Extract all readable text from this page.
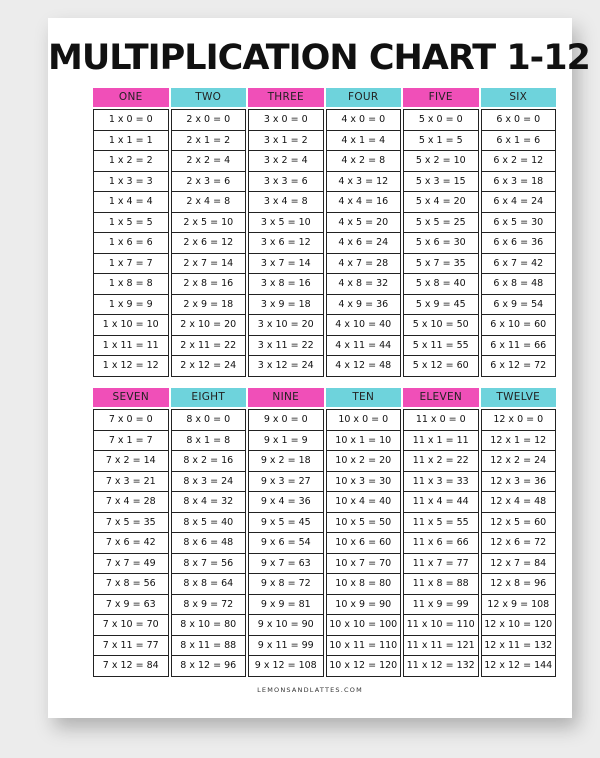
MULTIPLICATION CHART 1-12
ONE
1 x 0 = 0
1 x 1 = 1
1 x 2 = 2
1 x 3 = 3
1 x 4 = 4
1 x 5 = 5
1 x 6 = 6
1 x 7 = 7
1 x 8 = 8
1 x 9 = 9
1 x 10 = 10
1 x 11 = 11
1 x 12 = 12
TWO
2 x 0 = 0
2 x 1 = 2
2 x 2 = 4
2 x 3 = 6
2 x 4 = 8
2 x 5 = 10
2 x 6 = 12
2 x 7 = 14
2 x 8 = 16
2 x 9 = 18
2 x 10 = 20
2 x 11 = 22
2 x 12 = 24
THREE
3 x 0 = 0
3 x 1 = 2
3 x 2 = 4
3 x 3 = 6
3 x 4 = 8
3 x 5 = 10
3 x 6 = 12
3 x 7 = 14
3 x 8 = 16
3 x 9 = 18
3 x 10 = 20
3 x 11 = 22
3 x 12 = 24
FOUR
4 x 0 = 0
4 x 1 = 4
4 x 2 = 8
4 x 3 = 12
4 x 4 = 16
4 x 5 = 20
4 x 6 = 24
4 x 7 = 28
4 x 8 = 32
4 x 9 = 36
4 x 10 = 40
4 x 11 = 44
4 x 12 = 48
FIVE
5 x 0 = 0
5 x 1 = 5
5 x 2 = 10
5 x 3 = 15
5 x 4 = 20
5 x 5 = 25
5 x 6 = 30
5 x 7 = 35
5 x 8 = 40
5 x 9 = 45
5 x 10 = 50
5 x 11 = 55
5 x 12 = 60
SIX
6 x 0 = 0
6 x 1 = 6
6 x 2 = 12
6 x 3 = 18
6 x 4 = 24
6 x 5 = 30
6 x 6 = 36
6 x 7 = 42
6 x 8 = 48
6 x 9 = 54
6 x 10 = 60
6 x 11 = 66
6 x 12 = 72
SEVEN
7 x 0 = 0
7 x 1 = 7
7 x 2 = 14
7 x 3 = 21
7 x 4 = 28
7 x 5 = 35
7 x 6 = 42
7 x 7 = 49
7 x 8 = 56
7 x 9 = 63
7 x 10 = 70
7 x 11 = 77
7 x 12 = 84
EIGHT
8 x 0 = 0
8 x 1 = 8
8 x 2 = 16
8 x 3 = 24
8 x 4 = 32
8 x 5 = 40
8 x 6 = 48
8 x 7 = 56
8 x 8 = 64
8 x 9 = 72
8 x 10 = 80
8 x 11 = 88
8 x 12 = 96
NINE
9 x 0 = 0
9 x 1 = 9
9 x 2 = 18
9 x 3 = 27
9 x 4 = 36
9 x 5 = 45
9 x 6 = 54
9 x 7 = 63
9 x 8 = 72
9 x 9 = 81
9 x 10 = 90
9 x 11 = 99
9 x 12 = 108
TEN
10 x 0 = 0
10 x 1 = 10
10 x 2 = 20
10 x 3 = 30
10 x 4 = 40
10 x 5 = 50
10 x 6 = 60
10 x 7 = 70
10 x 8 = 80
10 x 9 = 90
10 x 10 = 100
10 x 11 = 110
10 x 12 = 120
ELEVEN
11 x 0 = 0
11 x 1 = 11
11 x 2 = 22
11 x 3 = 33
11 x 4 = 44
11 x 5 = 55
11 x 6 = 66
11 x 7 = 77
11 x 8 = 88
11 x 9 = 99
11 x 10 = 110
11 x 11 = 121
11 x 12 = 132
TWELVE
12 x 0 = 0
12 x 1 = 12
12 x 2 = 24
12 x 3 = 36
12 x 4 = 48
12 x 5 = 60
12 x 6 = 72
12 x 7 = 84
12 x 8 = 96
12 x 9 = 108
12 x 10 = 120
12 x 11 = 132
12 x 12 = 144
LEMONSANDLATTES.COM
